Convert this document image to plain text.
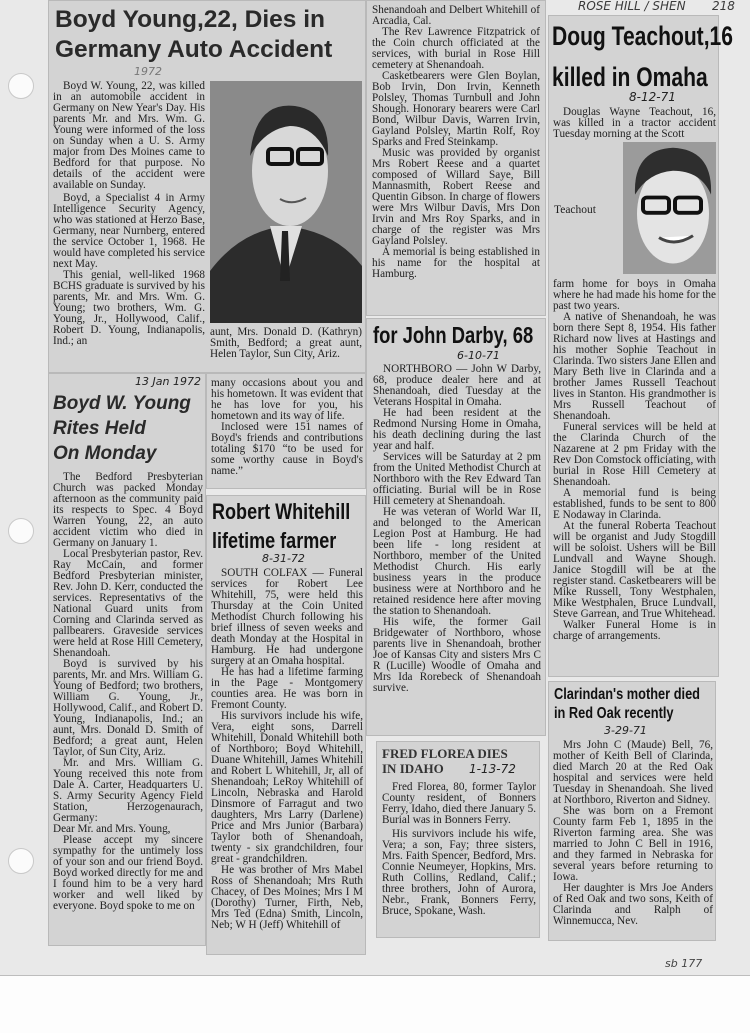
ROSE HILL / SHEN 218
Boyd Young,22, Dies in
Germany Auto Accident
1972

Boyd W. Young, 22, was killed in an automobile accident in Germany on New Year's Day. His parents Mr. and Mrs. Wm. G. Young were informed of the loss on Sunday when a U. S. Army major from Des Moines came to Bedford for that purpose. No details of the accident were available on Sunday.

Boyd, a Specialist 4 in Army Intelligence Security Agency, who was stationed at Herzo Base, Germany, near Nurnberg, entered the service October 1, 1968. He would have completed his service next May.

This genial, well-liked 1968 BCHS graduate is survived by his parents, Mr. and Mrs. Wm. G. Young; two brothers, Wm. G. Young, Jr., Hollywood, Calif., Robert D. Young, Indianapolis, Ind.; an

aunt, Mrs. Donald D. (Kathryn) Smith, Bedford; a great aunt, Helen Taylor, Sun City, Ariz.

13 Jan 1972
Boyd W. Young
Rites Held
On Monday

The Bedford Presbyterian Church was packed Monday afternoon as the community paid its respects to Spec. 4 Boyd Warren Young, 22, an auto accident victim who died in Germany on January 1.

Local Presbyterian pastor, Rev. Ray McCain, and former Bedford Presbyterian minister, Rev. John D. Kerr, conducted the services. Representativs of the National Guard units from Corning and Clarinda served as pallbearers. Graveside services were held at Rose Hill Cemetery, Shenandoah.

Boyd is survived by his parents, Mr. and Mrs. William G. Young of Bedford; two brothers, William G. Young, Jr., Hollywood, Calif., and Robert D. Young, Indianapolis, Ind.; an aunt, Mrs. Donald D. Smith of Bedford; a great aunt, Helen Taylor, of Sun City, Ariz.

Mr. and Mrs. William G. Young received this note from Dale A. Carter, Headquarters U. S. Army Security Agency Field Station, Herzogenaurach, Germany:

Dear Mr. and Mrs. Young,

Please accept my sincere sympathy for the untimely loss of your son and our friend Boyd. Boyd worked directly for me and I found him to be a very hard worker and well liked by everyone. Boyd spoke to me on

many occasions about you and his hometown. It was evident that he has love for you, his hometown and its way of life.

Inclosed were 151 names of Boyd's friends and contributions totaling $170 “to be used for some worthy cause in Boyd's name.”

Robert Whitehill
lifetime farmer
8-31-72

SOUTH COLFAX — Funeral services for Robert Lee Whitehill, 75, were held this Thursday at the Coin United Methodist Church following his brief illness of seven weeks and death Monday at the Hospital in Hamburg. He had undergone surgery at an Omaha hospital.

He has had a lifetime farming in the Page - Montgomery counties area. He was born in Fremont County.

His survivors include his wife, Vera, eight sons, Darrell Whitehill, Donald Whitehill both of Northboro; Boyd Whitehill, Duane Whitehill, James Whitehill and Robert L Whitehill, Jr, all of Shenandoah; LeRoy Whitehill of Lincoln, Nebraska and Harold Dinsmore of Farragut and two daughters, Mrs Larry (Darlene) Price and Mrs Junior (Barbara) Taylor both of Shenandoah, twenty - six grandchildren, four great - grandchildren.

He was brother of Mrs Mabel Ross of Shenandoah; Mrs Ruth Chacey, of Des Moines; Mrs I M (Dorothy) Turner, Firth, Neb, Mrs Ted (Edna) Smith, Lincoln, Neb; W H (Jeff) Whitehill of

Shenandoah and Delbert Whitehill of Arcadia, Cal.

The Rev Lawrence Fitzpatrick of the Coin church officiated at the services, with burial in Rose Hill cemetery at Shenandoah.

Casketbearers were Glen Boylan, Bob Irvin, Don Irvin, Kenneth Polsley, Thomas Turnbull and John Shough. Honorary bearers were Carl Bond, Wilbur Davis, Warren Irvin, Gayland Polsley, Martin Rolf, Roy Sparks and Fred Steinkamp.

Music was provided by organist Mrs Robert Reese and a quartet composed of Willard Saye, Bill Mannasmith, Robert Reese and Quentin Gibson. In charge of flowers were Mrs Wilbur Davis, Mrs Don Irvin and Mrs Roy Sparks, and in charge of the register was Mrs Gayland Polsley.

A memorial is being established in his name for the hospital at Hamburg.

for John Darby, 68
6-10-71

NORTHBORO — John W Darby, 68, produce dealer here and at Shenandoah, died Tuesday at the Veterans Hospital in Omaha.

He had been resident at the Redmond Nursing Home in Omaha, his death declining during the last year and half.

Services will be Saturday at 2 pm from the United Methodist Church at Northboro with the Rev Edward Tan officiating. Burial will be in Rose Hill cemetery at Shenandoah.

He was veteran of World War II, and belonged to the American Legion Post at Hamburg. He had been life - long resident at Northboro, member of the United Methodist Church. His early business years in the produce business were at Northboro and he retained residence here after moving the station to Shenandoah.

His wife, the former Gail Bridgewater of Northboro, whose parents live in Shenandoah, brother Joe of Kansas City and sisters Mrs C R (Lucille) Woodle of Omaha and Mrs Ida Rorebeck of Shenandoah survive.

FRED FLOREA DIES
IN IDAHO	1-13-72

Fred Florea, 80, former Taylor County resident, of Bonners Ferry, Idaho, died there January 5. Burial was in Bonners Ferry.

His survivors include his wife, Vera; a son, Fay; three sisters, Mrs. Faith Spencer, Bedford, Mrs. Connie Neumeyer, Hopkins, Mrs. Ruth Collins, Redland, Calif.; three brothers, John of Aurora, Nebr., Frank, Bonners Ferry, Bruce, Spokane, Wash.

Doug Teachout,16
killed in Omaha
8-12-71

Douglas Wayne Teachout, 16, was killed in a tractor accident Tuesday morning at the Scott

Teachout

farm home for boys in Omaha where he had made his home for the past two years.

A native of Shenandoah, he was born there Sept 8, 1954. His father Richard now lives at Hastings and his mother Sophie Teachout in Clarinda. Two sisters Jane Ellen and Mary Beth live in Clarinda and a brother James Russell Teachout lives in Stanton. His grandmother is Mrs Russell Teachout of Shenandoah.

Funeral services will be held at the Clarinda Church of the Nazarene at 2 pm Friday with the Rev Don Comstock officiating, with burial in Rose Hill Cemetery at Shenandoah.

A memorial fund is being established, funds to be sent to 800 E Nodaway in Clarinda.

At the funeral Roberta Teachout will be organist and Judy Stogdill will be soloist. Ushers will be Bill Lundvall and Wayne Shough. Janice Stogdill will be at the register stand. Casketbearers will be Mike Russell, Tony Westphalen, Mike Westphalen, Bruce Lundvall, Steve Garrean, and True Whitehead.

Walker Funeral Home is in charge of arrangements.

Clarindan's mother died
in Red Oak recently
3-29-71

Mrs John C (Maude) Bell, 76, mother of Keith Bell of Clarinda, died March 20 at the Red Oak hospital and services were held Tuesday in Shenandoah. She lived at Northboro, Riverton and Sidney.

She was born on a Fremont County farm Feb 1, 1895 in the Riverton farming area. She was married to John C Bell in 1916, and they farmed in Nebraska for several years before returning to Iowa.

Her daughter is Mrs Joe Anders of Red Oak and two sons, Keith of Clarinda and Ralph of Winnemucca, Nev.

sb 177
